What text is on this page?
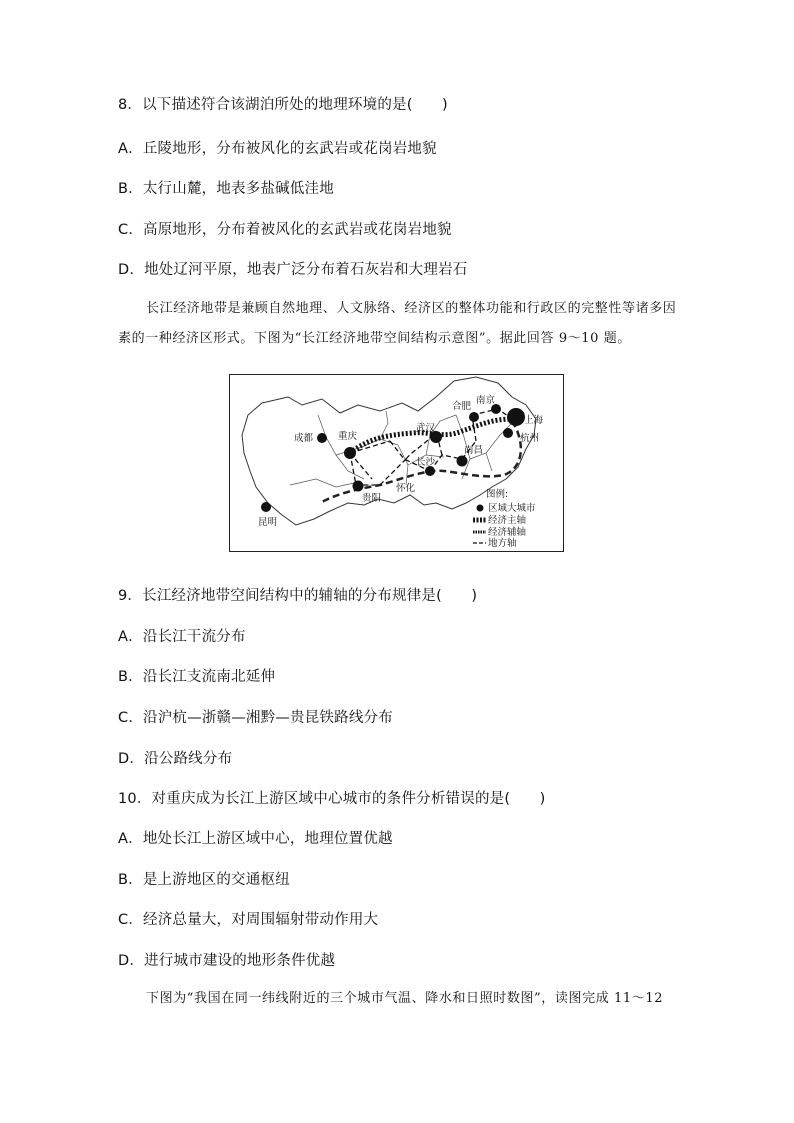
8．以下描述符合该湖泊所处的地理环境的是(　　)
A．丘陵地形，分布被风化的玄武岩或花岗岩地貌
B．太行山麓，地表多盐碱低洼地
C．高原地形，分布着被风化的玄武岩或花岗岩地貌
D．地处辽河平原，地表广泛分布着石灰岩和大理岩石
长江经济地带是兼顾自然地理、人文脉络、经济区的整体功能和行政区的完整性等诸多因素的一种经济区形式。下图为“长江经济地带空间结构示意图”。据此回答 9～10 题。
成都	重庆
昆明
贵阳
怀化
长沙
南昌
武汉
合肥
南京
上海
杭州
图例:
区域大城市
经济主轴
经济辅轴
地方轴
9．长江经济地带空间结构中的辅轴的分布规律是(　　)
A．沿长江干流分布
B．沿长江支流南北延伸
C．沿沪杭—浙赣—湘黔—贵昆铁路线分布
D．沿公路线分布
10．对重庆成为长江上游区域中心城市的条件分析错误的是(　　)
A．地处长江上游区域中心，地理位置优越
B．是上游地区的交通枢纽
C．经济总量大，对周围辐射带动作用大
D．进行城市建设的地形条件优越
下图为“我国在同一纬线附近的三个城市气温、降水和日照时数图”，读图完成 11～12
